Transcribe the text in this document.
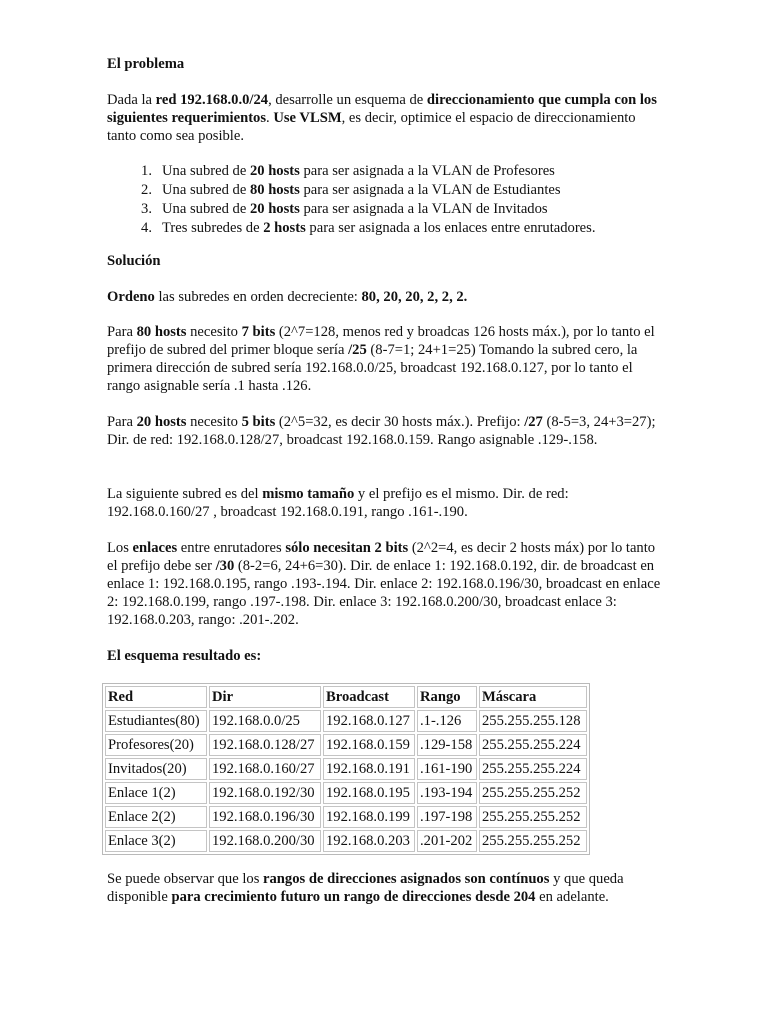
El problema

Dada la red 192.168.0.0/24, desarrolle un esquema de direccionamiento que cumpla con los siguientes requerimientos. Use VLSM, es decir, optimice el espacio de direccionamiento tanto como sea posible.

1. Una subred de 20 hosts para ser asignada a la VLAN de Profesores
2. Una subred de 80 hosts para ser asignada a la VLAN de Estudiantes
3. Una subred de 20 hosts para ser asignada a la VLAN de Invitados
4. Tres subredes de 2 hosts para ser asignada a los enlaces entre enrutadores.

Solución

Ordeno las subredes en orden decreciente: 80, 20, 20, 2, 2, 2.

Para 80 hosts necesito 7 bits (2^7=128, menos red y broadcas 126 hosts máx.), por lo tanto el prefijo de subred del primer bloque sería /25 (8-7=1; 24+1=25) Tomando la subred cero, la primera dirección de subred sería 192.168.0.0/25, broadcast 192.168.0.127, por lo tanto el rango asignable sería .1 hasta .126.

Para 20 hosts necesito 5 bits (2^5=32, es decir 30 hosts máx.). Prefijo: /27 (8-5=3, 24+3=27); Dir. de red: 192.168.0.128/27, broadcast 192.168.0.159. Rango asignable .129-.158.

La siguiente subred es del mismo tamaño y el prefijo es el mismo. Dir. de red: 192.168.0.160/27 , broadcast 192.168.0.191, rango .161-.190.

Los enlaces entre enrutadores sólo necesitan 2 bits (2^2=4, es decir 2 hosts máx) por lo tanto el prefijo debe ser /30 (8-2=6, 24+6=30). Dir. de enlace 1: 192.168.0.192, dir. de broadcast en enlace 1: 192.168.0.195, rango .193-.194. Dir. enlace 2: 192.168.0.196/30, broadcast en enlace 2: 192.168.0.199, rango .197-.198. Dir. enlace 3: 192.168.0.200/30, broadcast enlace 3: 192.168.0.203, rango: .201-.202.

El esquema resultado es:

Red	Dir	Broadcast	Rango	Máscara
Estudiantes(80)	192.168.0.0/25	192.168.0.127	.1-.126	255.255.255.128
Profesores(20)	192.168.0.128/27	192.168.0.159	.129-158	255.255.255.224
Invitados(20)	192.168.0.160/27	192.168.0.191	.161-190	255.255.255.224
Enlace 1(2)	192.168.0.192/30	192.168.0.195	.193-194	255.255.255.252
Enlace 2(2)	192.168.0.196/30	192.168.0.199	.197-198	255.255.255.252
Enlace 3(2)	192.168.0.200/30	192.168.0.203	.201-202	255.255.255.252

Se puede observar que los rangos de direcciones asignados son contínuos y que queda disponible para crecimiento futuro un rango de direcciones desde 204 en adelante.
